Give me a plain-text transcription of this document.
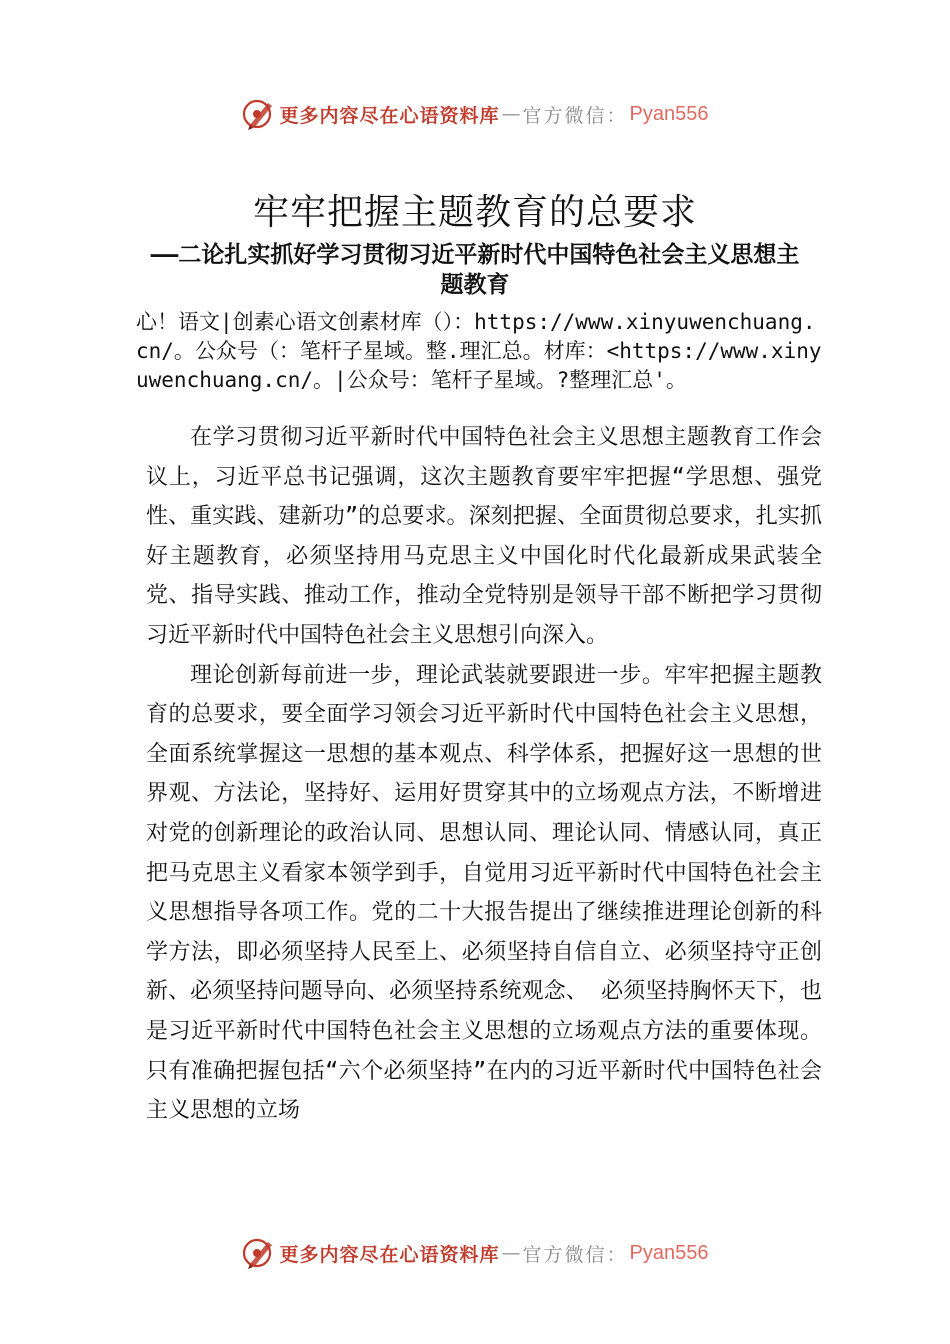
更多内容尽在心语资料库 — 官方微信： Pyan556
牢牢把握主题教育的总要求
——二论扎实抓好学习贯彻习近平新时代中国特色社会主义思想主题教育
心！语文|创素心语文创素材库（）：https://www.xinyuwenchuang.cn/。公众号（：笔杆子星域。整.理汇总。材库：<https://www.xinyuwenchuang.cn/。|公众号：笔杆子星域。?整理汇总'。

在学习贯彻习近平新时代中国特色社会主义思想主题教育工作会议上，习近平总书记强调，这次主题教育要牢牢把握“学思想、强党性、重实践、建新功”的总要求。深刻把握、全面贯彻总要求，扎实抓好主题教育，必须坚持用马克思主义中国化时代化最新成果武装全党、指导实践、推动工作，推动全党特别是领导干部不断把学习贯彻习近平新时代中国特色社会主义思想引向深入。

理论创新每前进一步，理论武装就要跟进一步。牢牢把握主题教育的总要求，要全面学习领会习近平新时代中国特色社会主义思想，全面系统掌握这一思想的基本观点、科学体系，把握好这一思想的世界观、方法论，坚持好、运用好贯穿其中的立场观点方法，不断增进对党的创新理论的政治认同、思想认同、理论认同、情感认同，真正把马克思主义看家本领学到手，自觉用习近平新时代中国特色社会主义思想指导各项工作。党的二十大报告提出了继续推进理论创新的科学方法，即必须坚持人民至上、必须坚持自信自立、必须坚持守正创新、必须坚持问题导向、必须坚持系统观念、 必须坚持胸怀天下，也是习近平新时代中国特色社会主义思想的立场观点方法的重要体现。只有准确把握包括“六个必须坚持”在内的习近平新时代中国特色社会主义思想的立场

更多内容尽在心语资料库 — 官方微信： Pyan556
